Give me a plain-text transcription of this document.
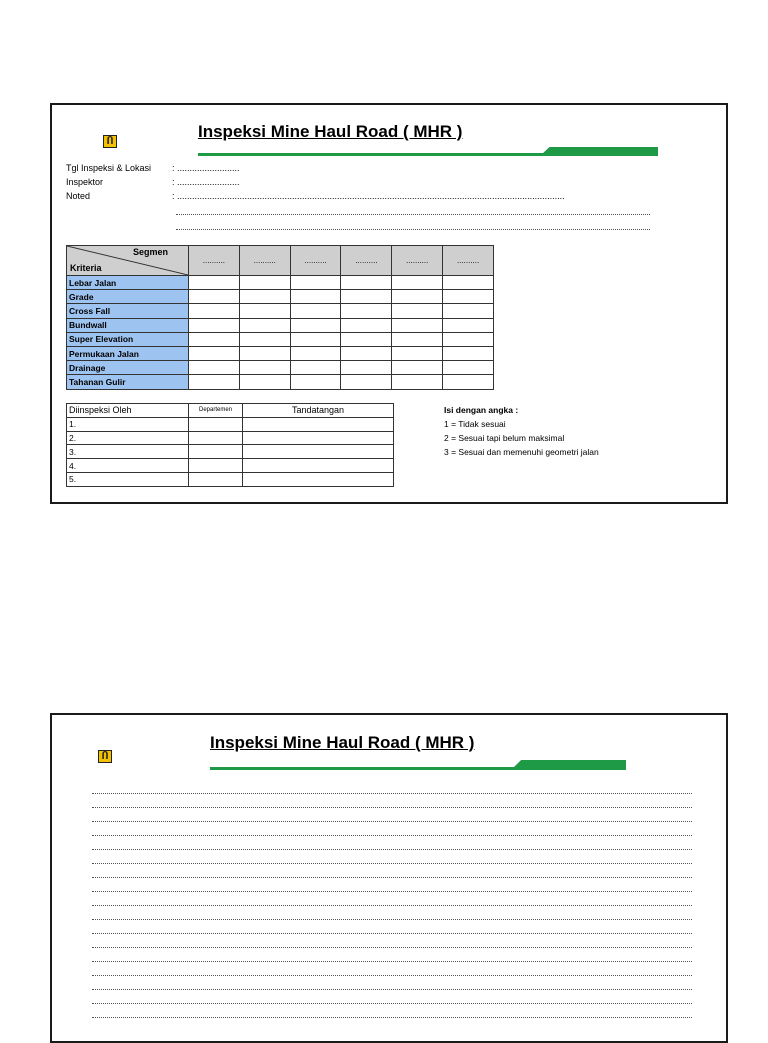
Ⴖ
Inspeksi Mine Haul Road ( MHR )
Tgl Inspeksi & Lokasi : .........................
Inspektor	: .........................
Noted	: ...........................................................................................................................................................
Segmen
Kriteria	..........	..........	..........	..........	..........	..........
Lebar Jalan						
Grade						
Cross Fall						
Bundwall						
Super Elevation						
Permukaan Jalan						
Drainage						
Tahanan Gulir						
Diinspeksi Oleh	Departemen	Tandatangan
1.		
2.		
3.		
4.		
5.		
Isi dengan angka :
1 = Tidak sesuai
2 = Sesuai tapi belum maksimal
3 = Sesuai dan memenuhi geometri jalan
Ⴖ
Inspeksi Mine Haul Road ( MHR )
